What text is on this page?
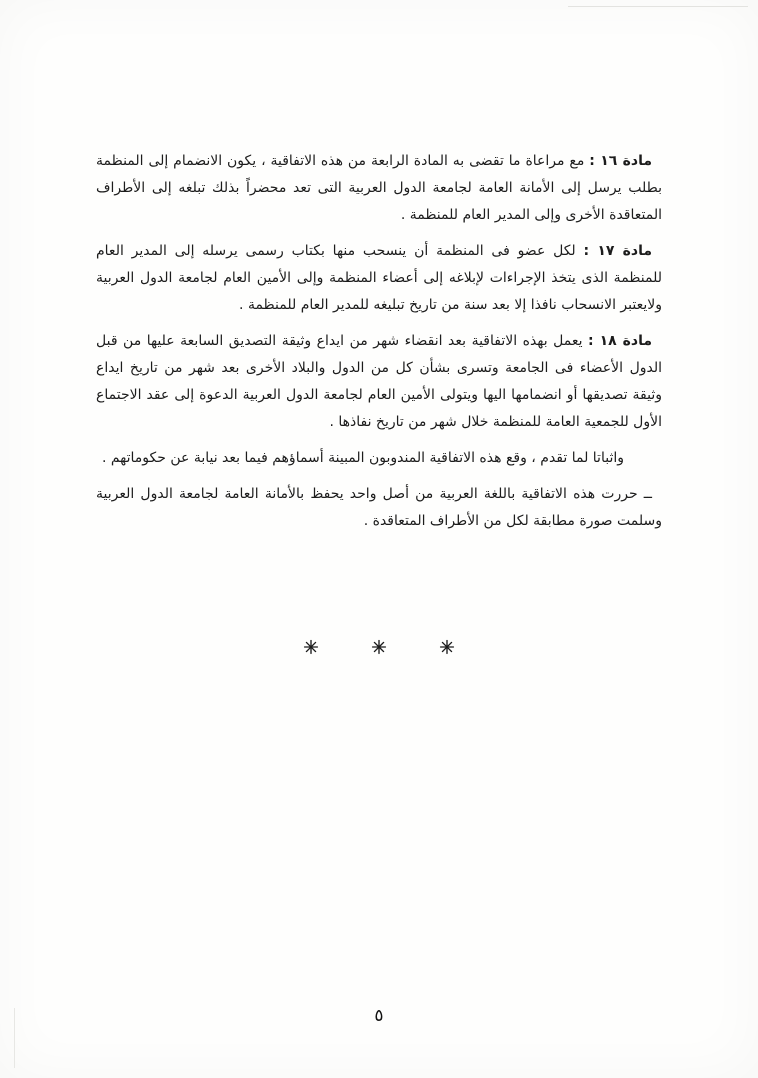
مادة ١٦ : مع مراعاة ما تقضى به المادة الرابعة من هذه الاتفاقية ، يكون الانضمام إلى المنظمة بطلب يرسل إلى الأمانة العامة لجامعة الدول العربية التى تعد محضراً بذلك تبلغه إلى الأطراف المتعاقدة الأخرى وإلى المدير العام للمنظمة .

مادة ١٧ : لكل عضو فى المنظمة أن ينسحب منها بكتاب رسمى يرسله إلى المدير العام للمنظمة الذى يتخذ الإجراءات لإبلاغه إلى أعضاء المنظمة وإلى الأمين العام لجامعة الدول العربية ولايعتبر الانسحاب نافذا إلا بعد سنة من تاريخ تبليغه للمدير العام للمنظمة .

مادة ١٨ : يعمل بهذه الاتفاقية بعد انقضاء شهر من ايداع وثيقة التصديق السابعة عليها من قبل الدول الأعضاء فى الجامعة وتسرى بشأن كل من الدول والبلاد الأخرى بعد شهر من تاريخ ايداع وثيقة تصديقها أو انضمامها اليها ويتولى الأمين العام لجامعة الدول العربية الدعوة إلى عقد الاجتماع الأول للجمعية العامة للمنظمة خلال شهر من تاريخ نفاذها .

واثباتا لما تقدم ، وقع هذه الاتفاقية المندوبون المبينة أسماؤهم فيما بعد نيابة عن حكوماتهم .

ــ حررت هذه الاتفاقية باللغة العربية من أصل واحد يحفظ بالأمانة العامة لجامعة الدول العربية وسلمت صورة مطابقة لكل من الأطراف المتعاقدة .

٥
